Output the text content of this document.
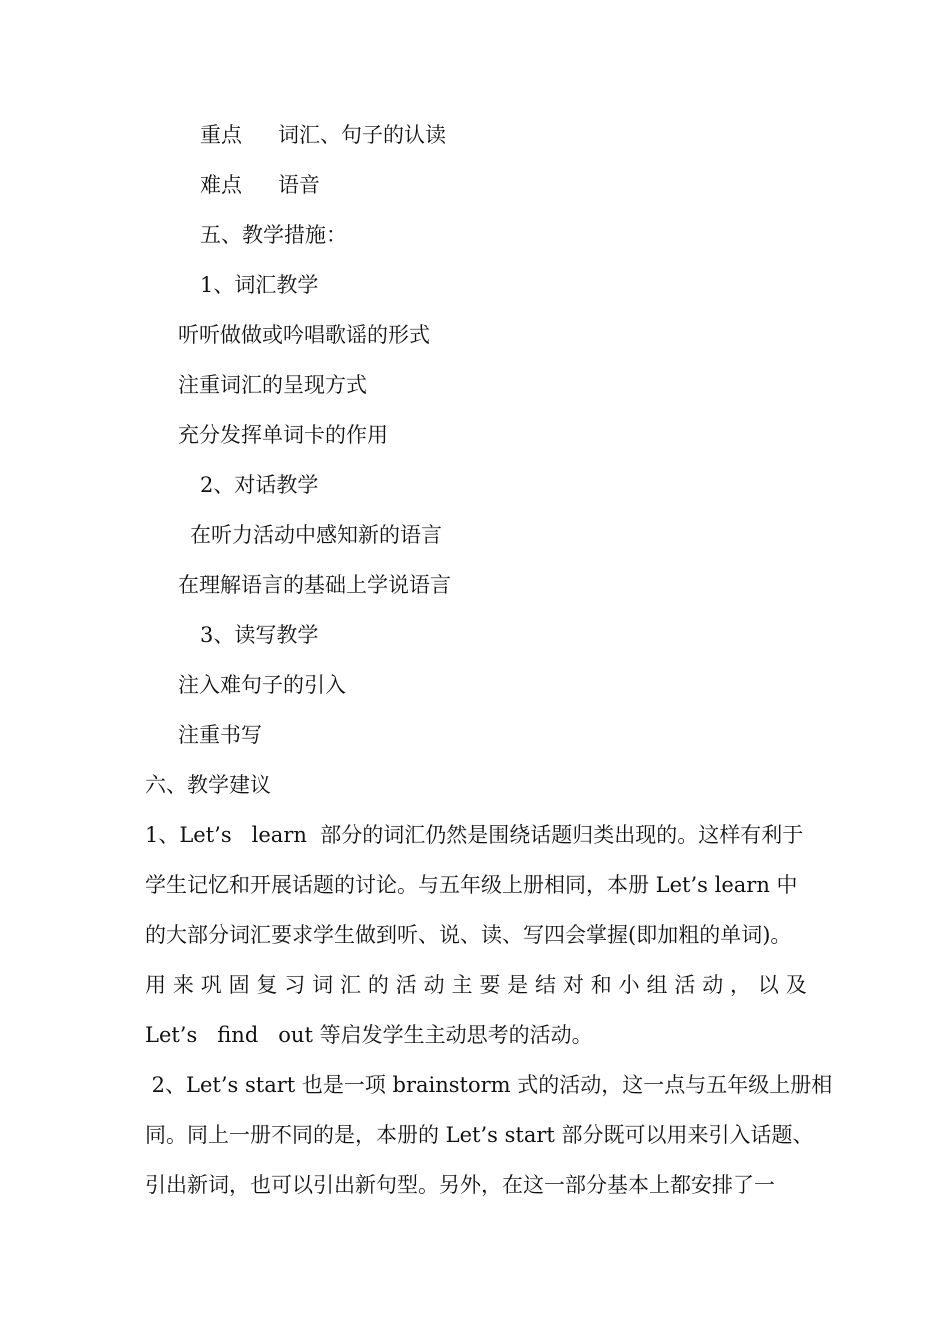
重点 词汇、句子的认读

难点 语音

五、教学措施：

1、词汇教学

听听做做或吟唱歌谣的形式

注重词汇的呈现方式

充分发挥单词卡的作用

2、对话教学

在听力活动中感知新的语言

在理解语言的基础上学说语言

3、读写教学

注入难句子的引入

注重书写

六、教学建议

1、Let’s   learn  部分的词汇仍然是围绕话题归类出现的。这样有利于
学生记忆和开展话题的讨论。与五年级上册相同，本册 Let’s learn 中
的大部分词汇要求学生做到听、说、读、写四会掌握(即加粗的单词)。
用 来 巩 固 复 习 词 汇 的 活 动 主 要 是 结 对 和 小 组 活 动 ， 以 及
Let’s   find   out 等启发学生主动思考的活动。
2、Let’s start 也是一项 brainstorm 式的活动，这一点与五年级上册相
同。同上一册不同的是，本册的 Let’s start 部分既可以用来引入话题、
引出新词，也可以引出新句型。另外，在这一部分基本上都安排了一
